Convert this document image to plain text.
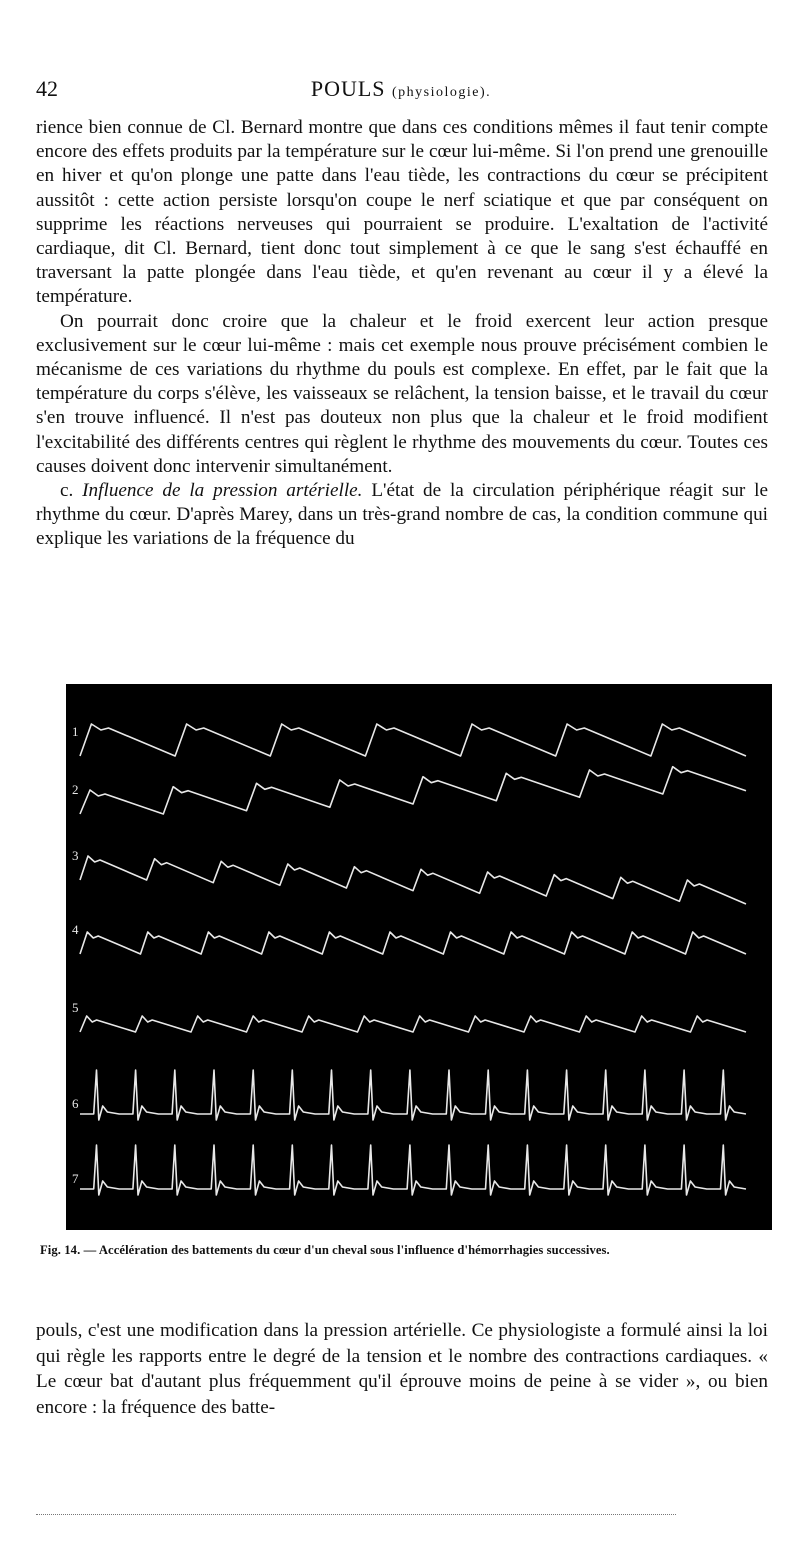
42	POULS (physiologie).

rience bien connue de Cl. Bernard montre que dans ces conditions mêmes il faut tenir compte encore des effets produits par la température sur le cœur lui-même. Si l'on prend une grenouille en hiver et qu'on plonge une patte dans l'eau tiède, les contractions du cœur se précipitent aussitôt : cette action persiste lorsqu'on coupe le nerf sciatique et que par conséquent on supprime les réactions nerveuses qui pourraient se produire. L'exaltation de l'activité cardiaque, dit Cl. Bernard, tient donc tout simplement à ce que le sang s'est échauffé en traversant la patte plongée dans l'eau tiède, et qu'en revenant au cœur il y a élevé la température.

On pourrait donc croire que la chaleur et le froid exercent leur action presque exclusivement sur le cœur lui-même : mais cet exemple nous prouve précisément combien le mécanisme de ces variations du rhythme du pouls est complexe. En effet, par le fait que la température du corps s'élève, les vaisseaux se relâchent, la tension baisse, et le travail du cœur s'en trouve influencé. Il n'est pas douteux non plus que la chaleur et le froid modifient l'excitabilité des différents centres qui règlent le rhythme des mouvements du cœur. Toutes ces causes doivent donc intervenir simultanément.

c. Influence de la pression artérielle. L'état de la circulation périphérique réagit sur le rhythme du cœur. D'après Marey, dans un très-grand nombre de cas, la condition commune qui explique les variations de la fréquence du

1
2
3
4
5
6
7
Fig. 14. — Accélération des battements du cœur d'un cheval sous l'influence d'hémorrhagies successives.

pouls, c'est une modification dans la pression artérielle. Ce physiologiste a formulé ainsi la loi qui règle les rapports entre le degré de la tension et le nombre des contractions cardiaques. « Le cœur bat d'autant plus fréquemment qu'il éprouve moins de peine à se vider », ou bien encore : la fréquence des batte-
